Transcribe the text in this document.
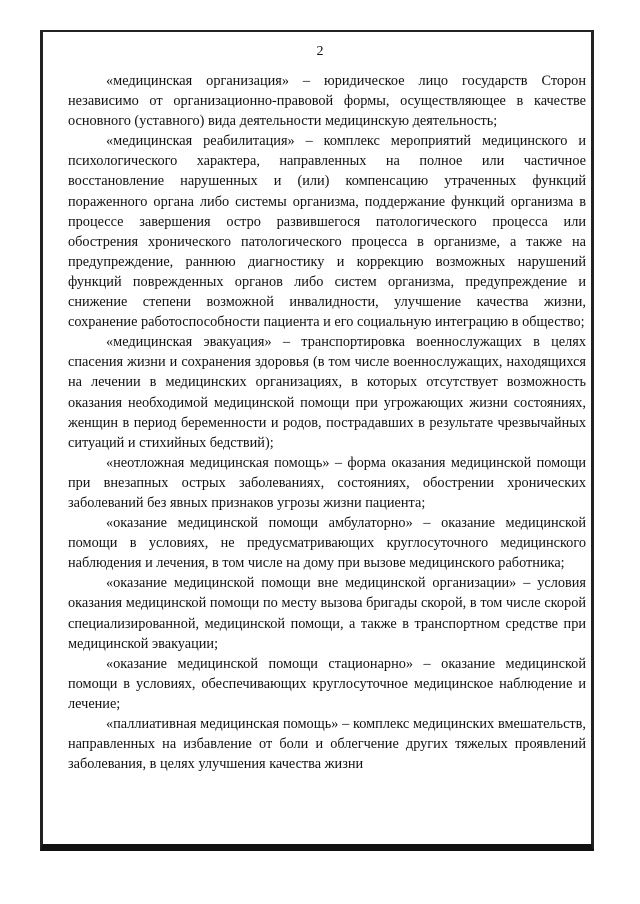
2

«медицинская организация» – юридическое лицо государств Сторон независимо от организационно-правовой формы, осуществляющее в качестве основного (уставного) вида деятельности медицинскую деятельность;

«медицинская реабилитация» – комплекс мероприятий медицинского и психологического характера, направленных на полное или частичное восстановление нарушенных и (или) компенсацию утраченных функций пораженного органа либо системы организма, поддержание функций организма в процессе завершения остро развившегося патологического процесса или обострения хронического патологического процесса в организме, а также на предупреждение, раннюю диагностику и коррекцию возможных нарушений функций поврежденных органов либо систем организма, предупреждение и снижение степени возможной инвалидности, улучшение качества жизни, сохранение работоспособности пациента и его социальную интеграцию в общество;

«медицинская эвакуация» – транспортировка военнослужащих в целях спасения жизни и сохранения здоровья (в том числе военнослужащих, находящихся на лечении в медицинских организациях, в которых отсутствует возможность оказания необходимой медицинской помощи при угрожающих жизни состояниях, женщин в период беременности и родов, пострадавших в результате чрезвычайных ситуаций и стихийных бедствий);

«неотложная медицинская помощь» – форма оказания медицинской помощи при внезапных острых заболеваниях, состояниях, обострении хронических заболеваний без явных признаков угрозы жизни пациента;

«оказание медицинской помощи амбулаторно» – оказание медицинской помощи в условиях, не предусматривающих круглосуточного медицинского наблюдения и лечения, в том числе на дому при вызове медицинского работника;

«оказание медицинской помощи вне медицинской организации» – условия оказания медицинской помощи по месту вызова бригады скорой, в том числе скорой специализированной, медицинской помощи, а также в транспортном средстве при медицинской эвакуации;

«оказание медицинской помощи стационарно» – оказание медицинской помощи в условиях, обеспечивающих круглосуточное медицинское наблюдение и лечение;

«паллиативная медицинская помощь» – комплекс медицинских вмешательств, направленных на избавление от боли и облегчение других тяжелых проявлений заболевания, в целях улучшения качества жизни
